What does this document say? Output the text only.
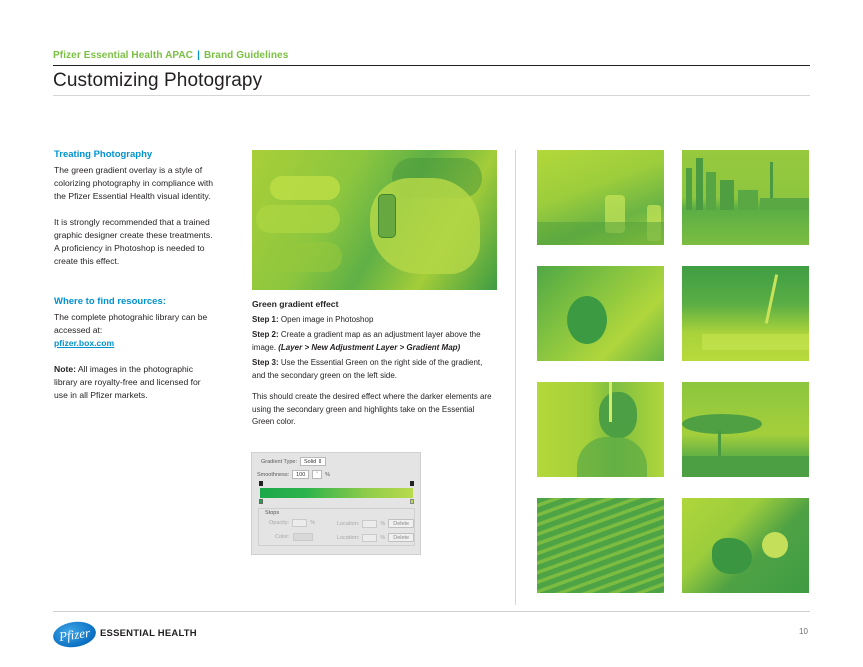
Pfizer Essential Health APAC | Brand Guidelines
Customizing Photograpy
Treating Photography

The green gradient overlay is a style of colorizing photography in compliance with the Pfizer Essential Health visual identity.

It is strongly recommended that a trained graphic designer create these treatments. A proficiency in Photoshop is needed to create this effect.

Where to find resources:

The complete photograhic library can be accessed at:
pfizer.box.com

Note: All images in the photographic library are royalty-free and licensed for use in all Pfizer markets.

Green gradient effect

Step 1: Open image in Photoshop

Step 2: Create a gradient map as an adjustment layer above the image. (Layer > New Adjustment Layer > Gradient Map)

Step 3: Use the Essential Green on the right side of the gradient, and the secondary green on the left side.

This should create the desired effect where the darker elements are using the secondary green and highlights take on the Essential Green color.

Gradient Type:	Solid ⇕
Smoothness:	100	ˇ	%
Stops
Opacity:	%	Location:	%	Delete
Color:	Location:	%	Delete
Pfizer ESSENTIAL HEALTH	10
